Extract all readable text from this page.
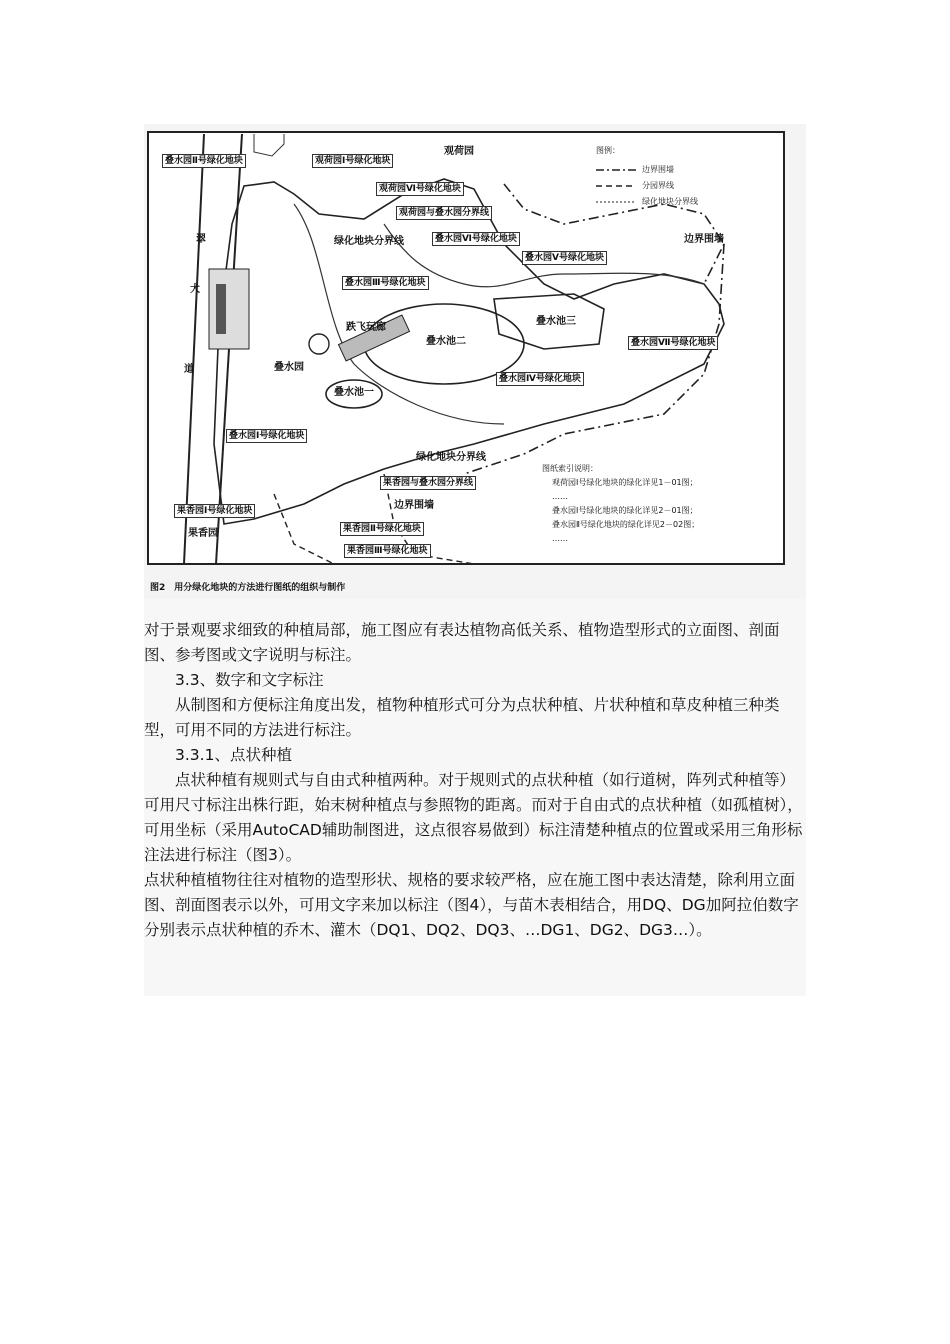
叠水园Ⅱ号绿化地块	观荷园Ⅰ号绿化地块
观荷园
观荷园Ⅵ号绿化地块
观荷园与叠水园分界线
叠水园Ⅵ号绿化地块
绿化地块分界线
叠水园Ⅴ号绿化地块
边界围墙
叠水园Ⅲ号绿化地块
跌飞玩廊
叠水池二
叠水池三
叠水园
叠水园Ⅶ号绿化地块
叠水园Ⅳ号绿化地块
叠水池一
叠水园Ⅰ号绿化地块
绿化地块分界线
果香园与叠水园分界线
果香园Ⅰ号绿化地块	边界围墙
果香园	果香园Ⅱ号绿化地块
果香园Ⅲ号绿化地块
翠
大
道
图例：
边界围墙
分园界线
绿化地块分界线
图纸索引说明：
观荷园Ⅰ号绿化地块的绿化详见1－01图；
……
叠水园Ⅰ号绿化地块的绿化详见2－01图；
叠水园Ⅱ号绿化地块的绿化详见2－02图；
……
图2　用分绿化地块的方法进行图纸的组织与制作

对于景观要求细致的种植局部，施工图应有表达植物高低关系、植物造型形式的立面图、剖面图、参考图或文字说明与标注。

3.3、数字和文字标注

从制图和方便标注角度出发，植物种植形式可分为点状种植、片状种植和草皮种植三种类型，可用不同的方法进行标注。

3.3.1、点状种植

点状种植有规则式与自由式种植两种。对于规则式的点状种植（如行道树，阵列式种植等）可用尺寸标注出株行距，始末树种植点与参照物的距离。而对于自由式的点状种植（如孤植树），可用坐标（采用AutoCAD辅助制图进，这点很容易做到）标注清楚种植点的位置或采用三角形标注法进行标注（图3）。

点状种植植物往往对植物的造型形状、规格的要求较严格，应在施工图中表达清楚，除利用立面图、剖面图表示以外，可用文字来加以标注（图4），与苗木表相结合，用DQ、DG加阿拉伯数字分别表示点状种植的乔木、灌木（DQ1、DQ2、DQ3、…DG1、DG2、DG3…）。
